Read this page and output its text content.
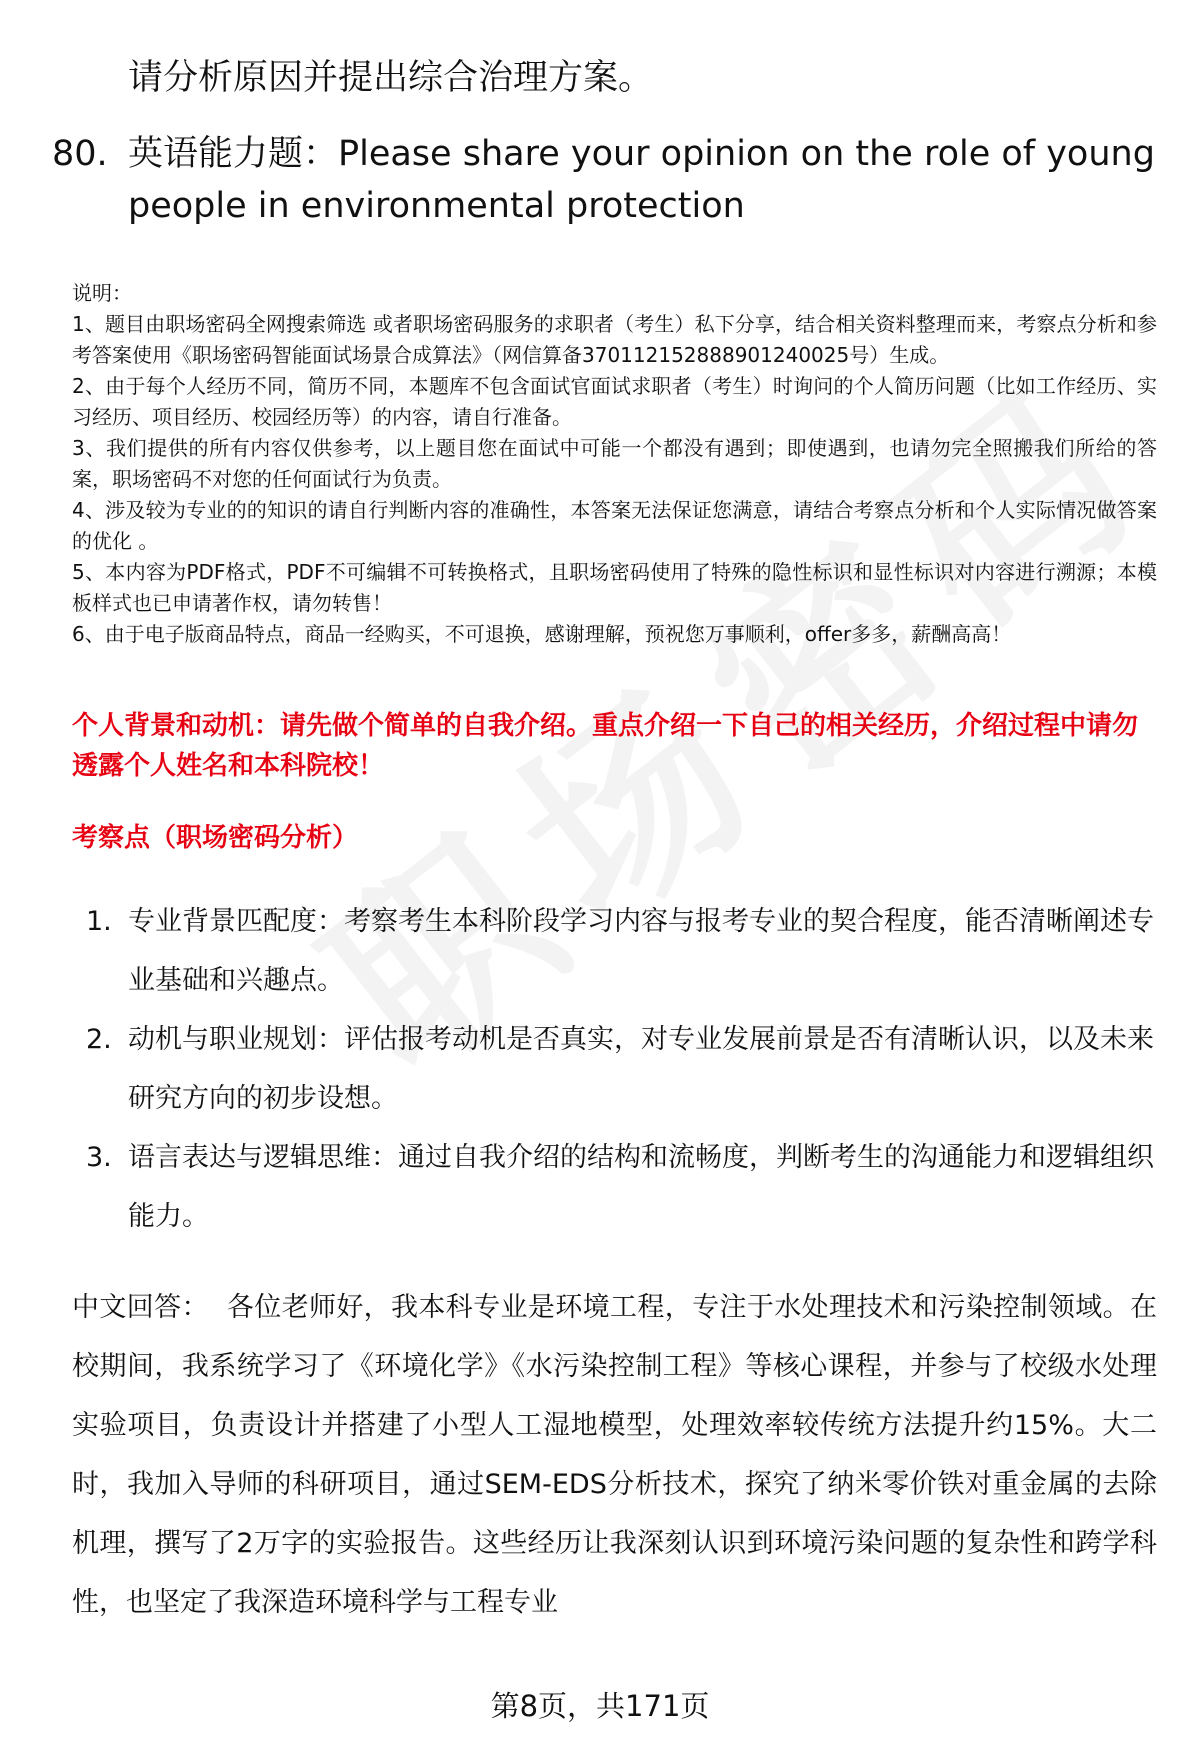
请分析原因并提出综合治理方案。
80. 英语能力题：Please share your opinion on the role of young
people in environmental protection
说明：
1、题目由职场密码全网搜索筛选 或者职场密码服务的求职者（考生）私下分享，结合相关资料整理而来，考察点分析和参考答案使用《职场密码智能面试场景合成算法》（网信算备370112152888901240025号）生成。
2、由于每个人经历不同，简历不同，本题库不包含面试官面试求职者（考生）时询问的个人简历问题（比如工作经历、实习经历、项目经历、校园经历等）的内容，请自行准备。
3、我们提供的所有内容仅供参考，以上题目您在面试中可能一个都没有遇到；即使遇到，也请勿完全照搬我们所给的答案，职场密码不对您的任何面试行为负责。
4、涉及较为专业的的知识的请自行判断内容的准确性，本答案无法保证您满意，请结合考察点分析和个人实际情况做答案的优化 。
5、本内容为PDF格式，PDF不可编辑不可转换格式，且职场密码使用了特殊的隐性标识和显性标识对内容进行溯源；本模板样式也已申请著作权，请勿转售！
6、由于电子版商品特点，商品一经购买，不可退换，感谢理解，预祝您万事顺利，offer多多，薪酬高高！
个人背景和动机：请先做个简单的自我介绍。重点介绍一下自己的相关经历，介绍过程中请勿透露个人姓名和本科院校！
考察点（职场密码分析）
1. 专业背景匹配度：考察考生本科阶段学习内容与报考专业的契合程度，能否清晰阐述专业基础和兴趣点。
2. 动机与职业规划：评估报考动机是否真实，对专业发展前景是否有清晰认识，以及未来研究方向的初步设想。
3. 语言表达与逻辑思维：通过自我介绍的结构和流畅度，判断考生的沟通能力和逻辑组织能力。
中文回答： 各位老师好，我本科专业是环境工程，专注于水处理技术和污染控制领域。在校期间，我系统学习了《环境化学》《水污染控制工程》等核心课程，并参与了校级水处理实验项目，负责设计并搭建了小型人工湿地模型，处理效率较传统方法提升约15%。大二时，我加入导师的科研项目，通过SEM-EDS分析技术，探究了纳米零价铁对重金属的去除机理，撰写了2万字的实验报告。这些经历让我深刻认识到环境污染问题的复杂性和跨学科性，也坚定了我深造环境科学与工程专业
第8页，共171页
